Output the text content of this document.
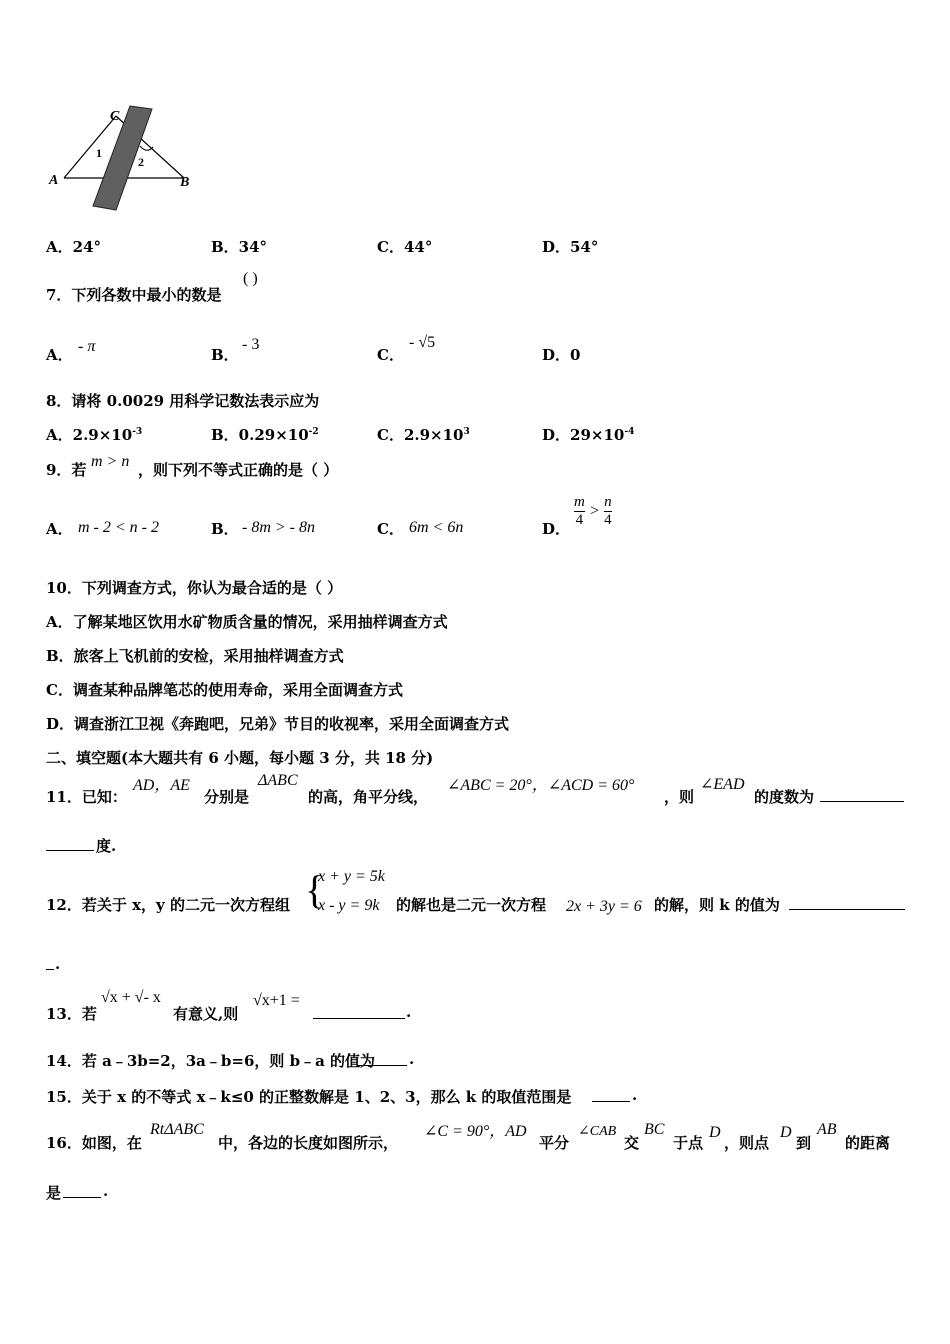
C
A	B
1
2
A．24°	B．34°	C．44°	D．54°
7．下列各数中最小的数是
( )
A． - π	B．
- 3
C．
- √5
D．0
8．请将 0.0029 用科学记数法表示应为
A．$2.9\times 10^{-3}$	B．$0.29\times 10^{-2}$	C．$2.9\times 10^3$	D．$29\times 10^{-4}$
9．若 m > n ，则下列不等式正确的是（ ）
A． m - 2 < n - 2	B． - 8m > - 8n	C． 6m < 6n	D． $\frac{m}{4} > \frac{n}{4}$
10．下列调查方式，你认为最合适的是（ ）
A．了解某地区饮用水矿物质含量的情况，采用抽样调查方式
B．旅客上飞机前的安检，采用抽样调查方式
C．调查某种品牌笔芯的使用寿命，采用全面调查方式
D．调查浙江卫视《奔跑吧，兄弟》节目的收视率，采用全面调查方式
二、填空题(本大题共有 6 小题，每小题 3 分，共 18 分)
11．已知：
AD，AE
分别是
ΔABC
的高，角平分线，
∠ABC = 20°，∠ACD = 60°
，则
∠EAD
的度数为
度.
12．若关于 x，y 的二元一次方程组 {
x + y = 5k
x - y = 9k 的解也是二元一次方程 2x + 3y = 6 的解，则 k 的值为
.
13．若
√x + √- x
有意义,则
√x+1 =
.
14．若 a﹣3b=2，3a﹣b=6，则 b﹣a 的值为 .
15．关于 x 的不等式 x﹣k≤0 的正整数解是 1、2、3，那么 k 的取值范围是	.
16．如图，在
RtΔABC
中，各边的长度如图所示，
∠C = 90°，AD
平分
∠CAB
交
BC
于点
D
，则点
D
到
AB
的距离
是	.
